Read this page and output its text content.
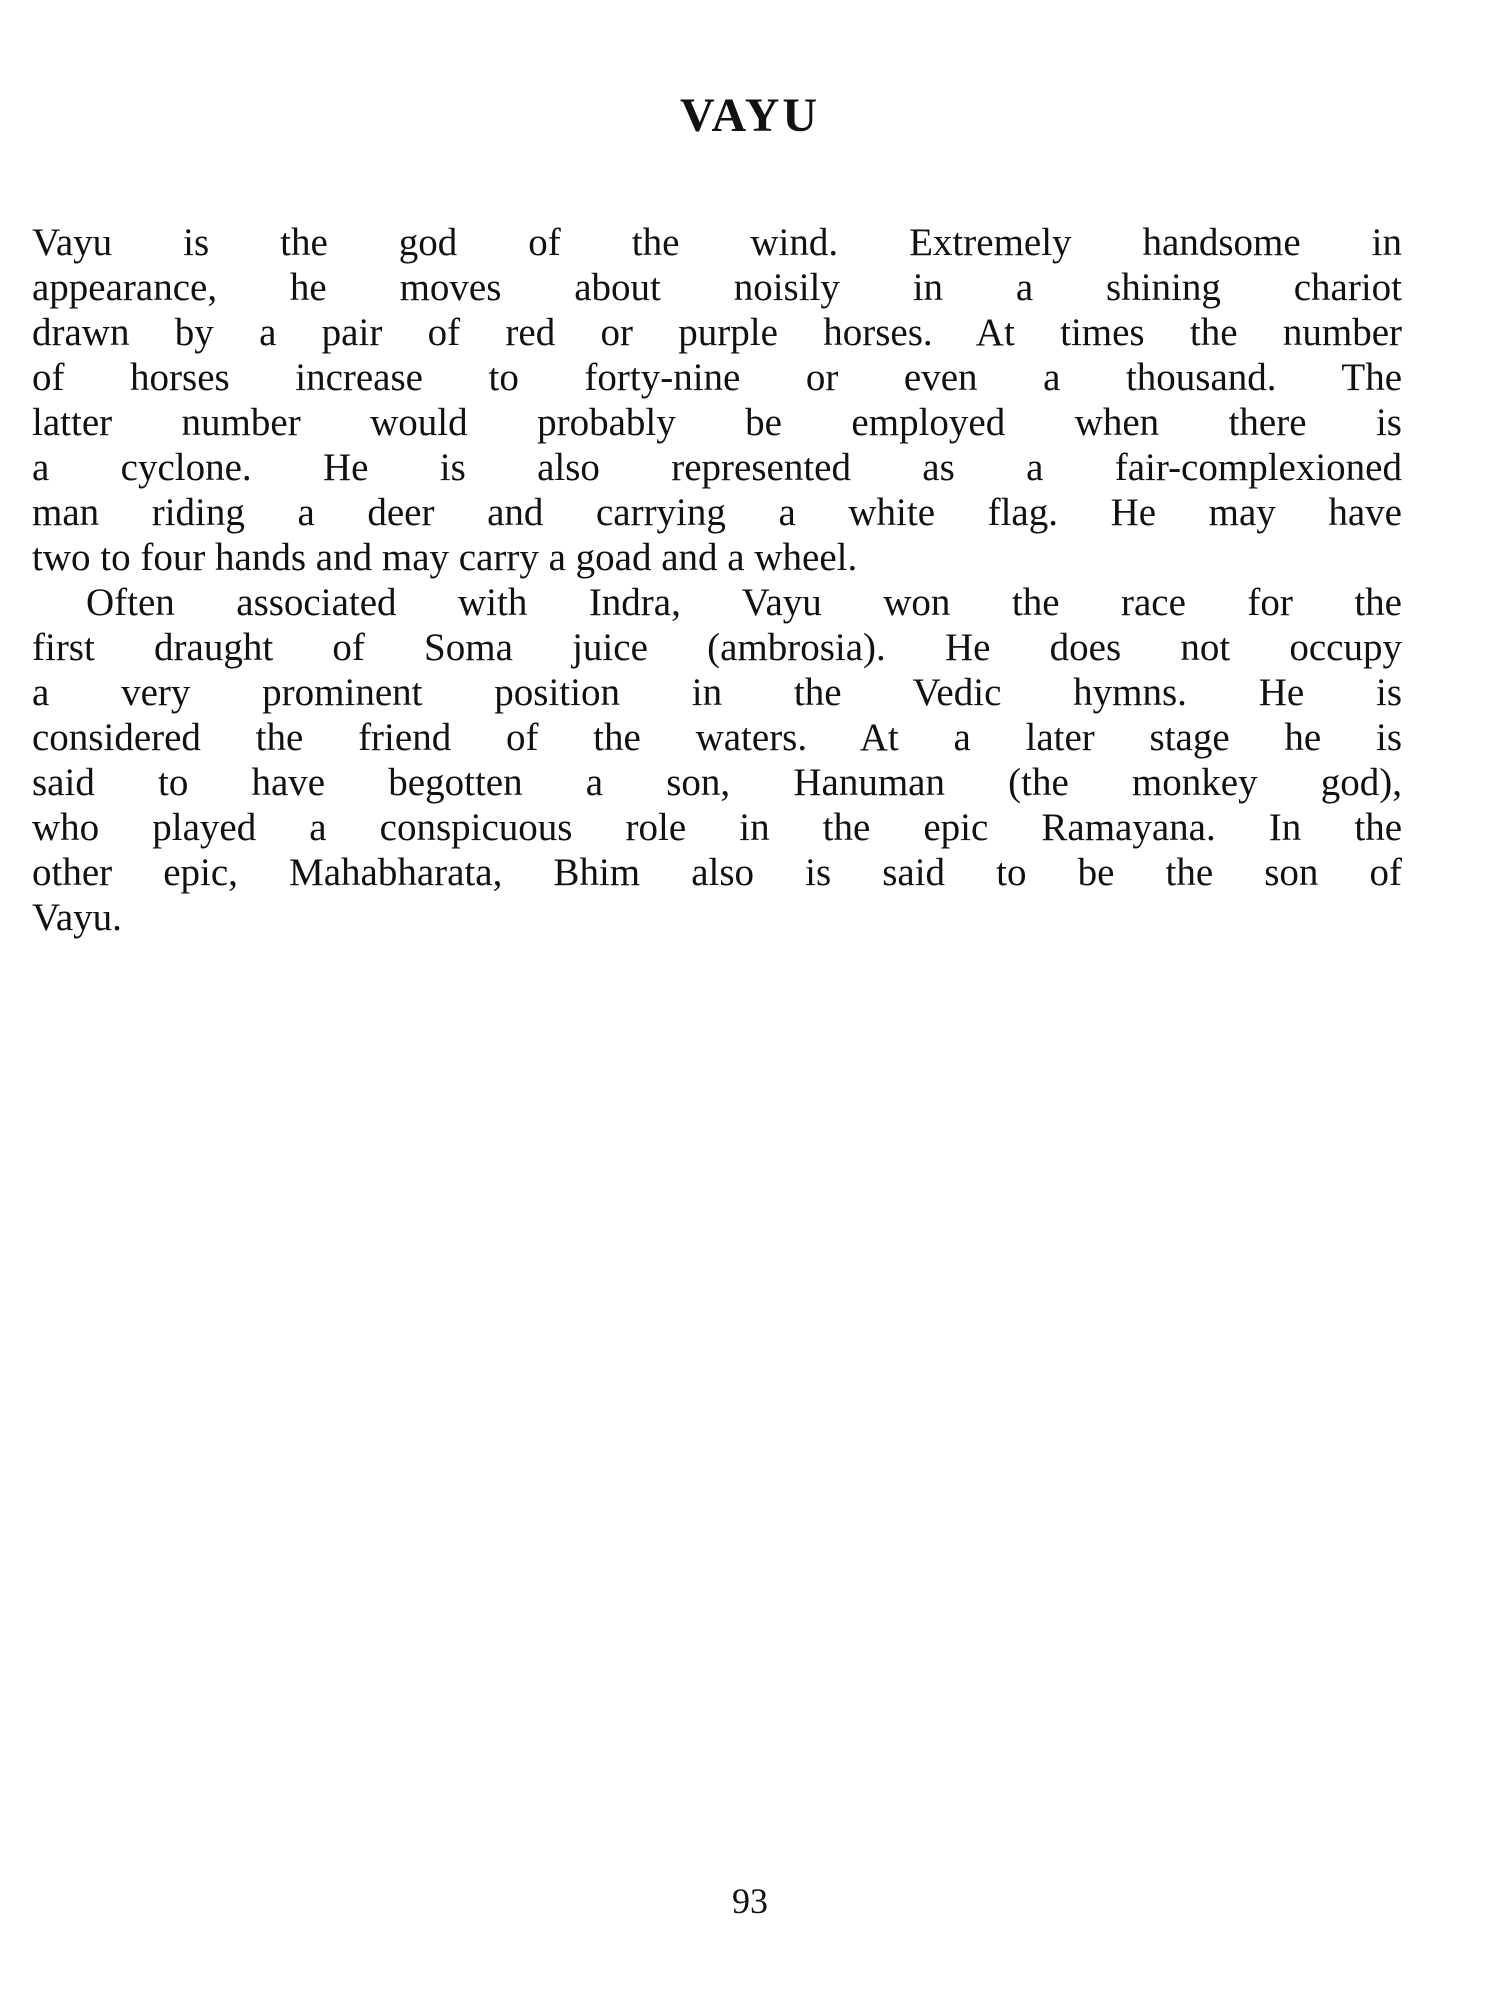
VAYU
Vayu is the god of the wind. Extremely handsome in
appearance, he moves about noisily in a shining chariot
drawn by a pair of red or purple horses. At times the number
of horses increase to forty-nine or even a thousand. The
latter number would probably be employed when there is
a cyclone. He is also represented as a fair-complexioned
man riding a deer and carrying a white flag. He may have
two to four hands and may carry a goad and a wheel.
Often associated with Indra, Vayu won the race for the
first draught of Soma juice (ambrosia). He does not occupy
a very prominent position in the Vedic hymns. He is
considered the friend of the waters. At a later stage he is
said to have begotten a son, Hanuman (the monkey god),
who played a conspicuous role in the epic Ramayana. In the
other epic, Mahabharata, Bhim also is said to be the son of
Vayu.

93
